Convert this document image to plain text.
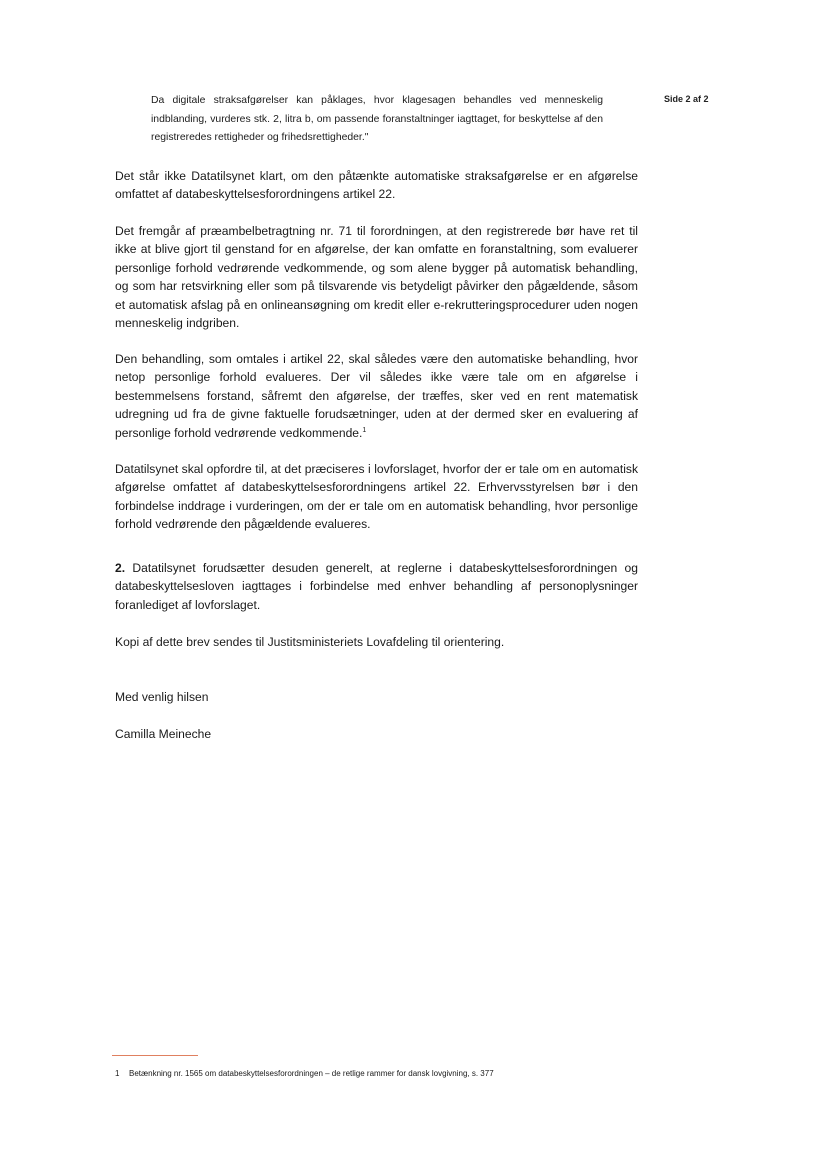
Side 2 af 2
Da digitale straksafgørelser kan påklages, hvor klagesagen behandles ved menneskelig indblanding, vurderes stk. 2, litra b, om passende foranstaltninger iagttaget, for beskyttelse af den registreredes rettigheder og frihedsrettigheder."
Det står ikke Datatilsynet klart, om den påtænkte automatiske straksafgørelse er en afgørelse omfattet af databeskyttelsesforordningens artikel 22.
Det fremgår af præambelbetragtning nr. 71 til forordningen, at den registrerede bør have ret til ikke at blive gjort til genstand for en afgørelse, der kan omfatte en foranstaltning, som evaluerer personlige forhold vedrørende vedkommende, og som alene bygger på automatisk behandling, og som har retsvirkning eller som på tilsvarende vis betydeligt påvirker den pågældende, såsom et automatisk afslag på en onlineansøgning om kredit eller e-rekrutteringsprocedurer uden nogen menneskelig indgriben.
Den behandling, som omtales i artikel 22, skal således være den automatiske behandling, hvor netop personlige forhold evalueres. Der vil således ikke være tale om en afgørelse i bestemmelsens forstand, såfremt den afgørelse, der træffes, sker ved en rent matematisk udregning ud fra de givne faktuelle forudsætninger, uden at der dermed sker en evaluering af personlige forhold vedrørende vedkommende.$^1$
Datatilsynet skal opfordre til, at det præciseres i lovforslaget, hvorfor der er tale om en automatisk afgørelse omfattet af databeskyttelsesforordningens artikel 22. Erhvervsstyrelsen bør i den forbindelse inddrage i vurderingen, om der er tale om en automatisk behandling, hvor personlige forhold vedrørende den pågældende evalueres.
2. Datatilsynet forudsætter desuden generelt, at reglerne i databeskyttelsesforordningen og databeskyttelsesloven iagttages i forbindelse med enhver behandling af personoplysninger foranlediget af lovforslaget.
Kopi af dette brev sendes til Justitsministeriets Lovafdeling til orientering.
Med venlig hilsen
Camilla Meineche
1 Betænkning nr. 1565 om databeskyttelsesforordningen – de retlige rammer for dansk lovgivning, s. 377
